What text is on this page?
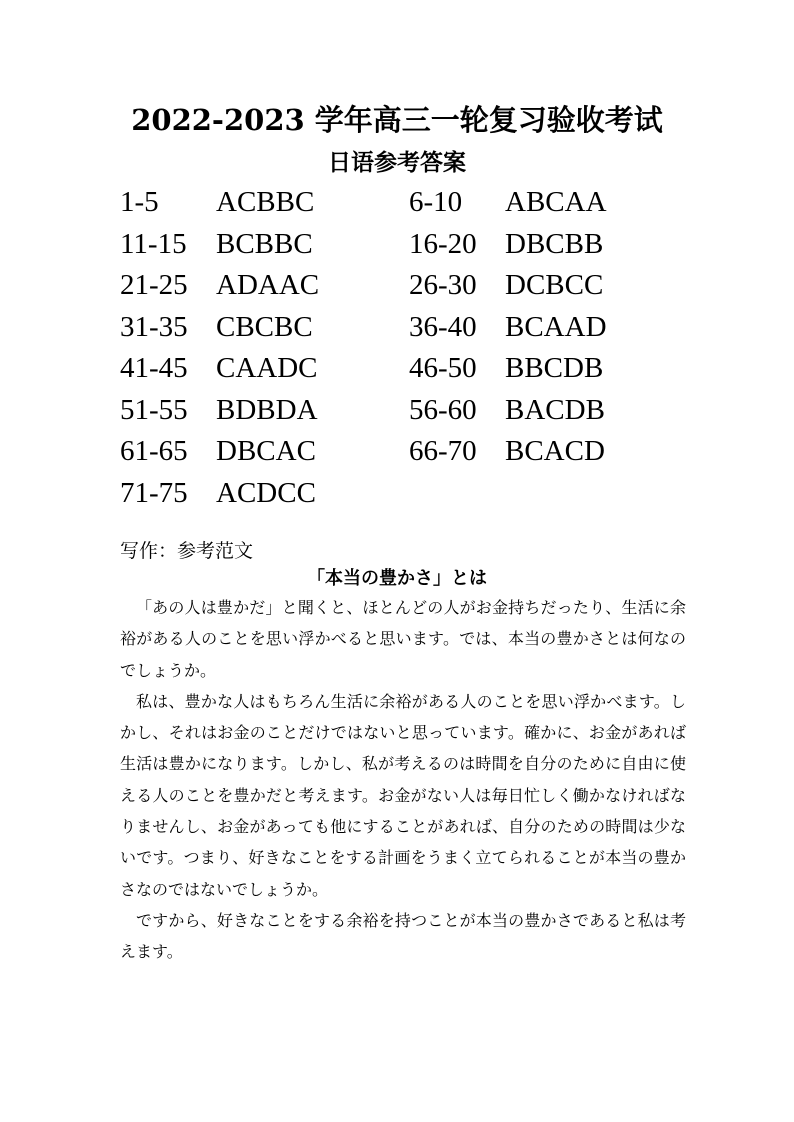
2022-2023 学年高三一轮复习验收考试
日语参考答案
1-5 ACBBC	6-10 ABCAA
11-15 BCBBC	16-20 DBCBB
21-25 ADAAC	26-30 DCBCC
31-35 CBCBC	36-40 BCAAD
41-45 CAADC	46-50 BBCDB
51-55 BDBDA	56-60 BACDB
61-65 DBCAC	66-70 BCACD
71-75 ACDCC
写作：参考范文
「本当の豊かさ」とは

「あの人は豊かだ」と聞くと、ほとんどの人がお金持ちだったり、生活に余裕がある人のことを思い浮かべると思います。では、本当の豊かさとは何なのでしょうか。

私は、豊かな人はもちろん生活に余裕がある人のことを思い浮かべます。しかし、それはお金のことだけではないと思っています。確かに、お金があれば生活は豊かになります。しかし、私が考えるのは時間を自分のために自由に使える人のことを豊かだと考えます。お金がない人は毎日忙しく働かなければなりませんし、お金があっても他にすることがあれば、自分のための時間は少ないです。つまり、好きなことをする計画をうまく立てられることが本当の豊かさなのではないでしょうか。

ですから、好きなことをする余裕を持つことが本当の豊かさであると私は考えます。
